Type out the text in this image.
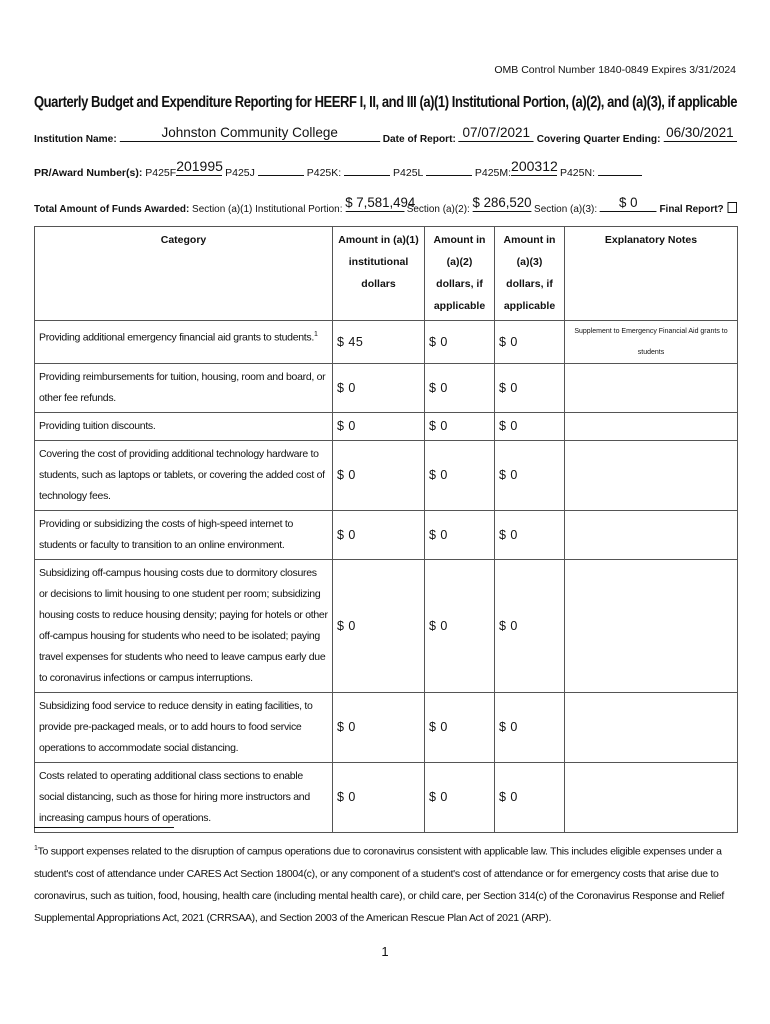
OMB Control Number 1840-0849 Expires 3/31/2024
Quarterly Budget and Expenditure Reporting for HEERF I, II, and III (a)(1) Institutional Portion, (a)(2), and (a)(3), if applicable
Institution Name:	Johnston Community College	Date of Report: 07/07/2021 Covering Quarter Ending: 06/30/2021
PR/Award Number(s): P425F 201995 P425J	P425K:	P425L	P425M: 200312 P425N:
Total Amount of Funds Awarded: Section (a)(1) Institutional Portion: $ 7,581,494
Section (a)(2): $ 286,520 Section (a)(3):	$ 0	Final Report?
Category	Amount in (a)(1) institutional dollars	Amount in (a)(2) dollars, if applicable	Amount in (a)(3) dollars, if applicable	Explanatory Notes
Providing additional emergency financial aid grants to students.$^1$	$ 45	$ 0	$ 0	Supplement to Emergency Financial Aid grants to students
Providing reimbursements for tuition, housing, room and board, or other fee refunds.	$ 0	$ 0	$ 0	
Providing tuition discounts.	$ 0	$ 0	$ 0	
Covering the cost of providing additional technology hardware to students, such as laptops or tablets, or covering the added cost of technology fees.	$ 0	$ 0	$ 0	
Providing or subsidizing the costs of high-speed internet to students or faculty to transition to an online environment.	$ 0	$ 0	$ 0	
Subsidizing off-campus housing costs due to dormitory closures or decisions to limit housing to one student per room; subsidizing housing costs to reduce housing density; paying for hotels or other off-campus housing for students who need to be isolated; paying travel expenses for students who need to leave campus early due to coronavirus infections or campus interruptions.	$ 0	$ 0	$ 0	
Subsidizing food service to reduce density in eating facilities, to provide pre-packaged meals, or to add hours to food service operations to accommodate social distancing.	$ 0	$ 0	$ 0	
Costs related to operating additional class sections to enable social distancing, such as those for hiring more instructors and increasing campus hours of operations.	$ 0	$ 0	$ 0	
$^1$To support expenses related to the disruption of campus operations due to coronavirus consistent with applicable law. This includes eligible expenses under a student's cost of attendance under CARES Act Section 18004(c), or any component of a student's cost of attendance or for emergency costs that arise due to coronavirus, such as tuition, food, housing, health care (including mental health care), or child care, per Section 314(c) of the Coronavirus Response and Relief Supplemental Appropriations Act, 2021 (CRRSAA), and Section 2003 of the American Rescue Plan Act of 2021 (ARP).
1
